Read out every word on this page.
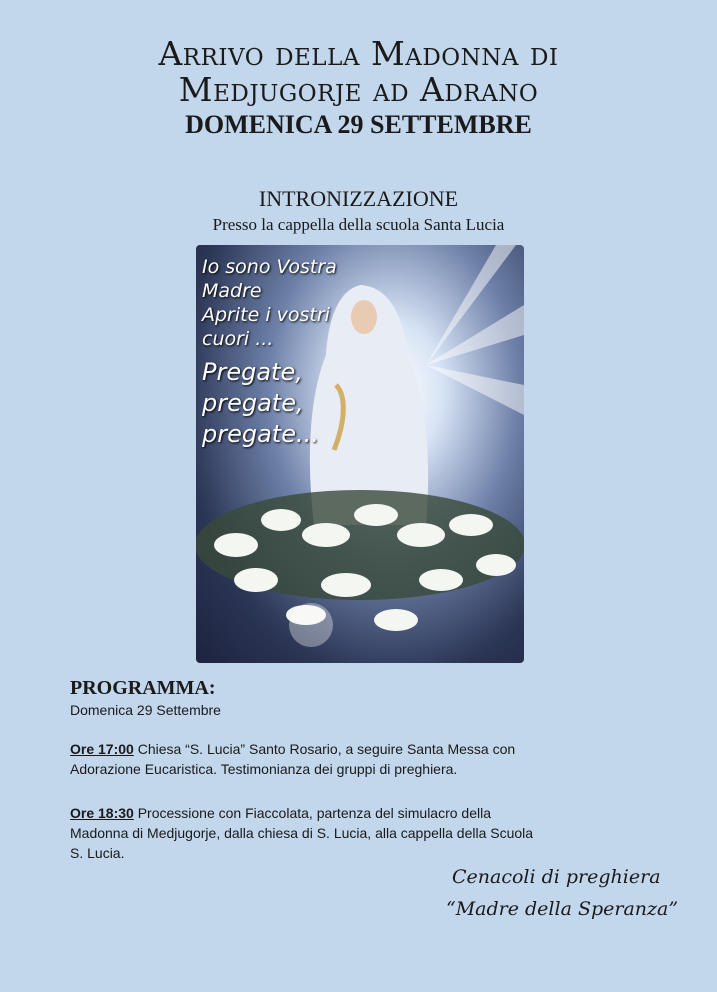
Arrivo della Madonna di
Medjugorje ad Adrano
DOMENICA 29 SETTEMBRE
INTRONIZZAZIONE
Presso la cappella della scuola Santa Lucia
Io sono Vostra
Madre
Aprite i vostri
cuori ...
Pregate,
pregate,
pregate...
PROGRAMMA:
Domenica 29 Settembre
Ore 17:00 Chiesa “S. Lucia” Santo Rosario, a seguire Santa Messa con Adorazione Eucaristica. Testimonianza dei gruppi di preghiera.
Ore 18:30 Processione con Fiaccolata, partenza del simulacro della Madonna di Medjugorje, dalla chiesa di S. Lucia, alla cappella della Scuola S. Lucia.
Cenacoli di preghiera
“Madre della Speranza”
